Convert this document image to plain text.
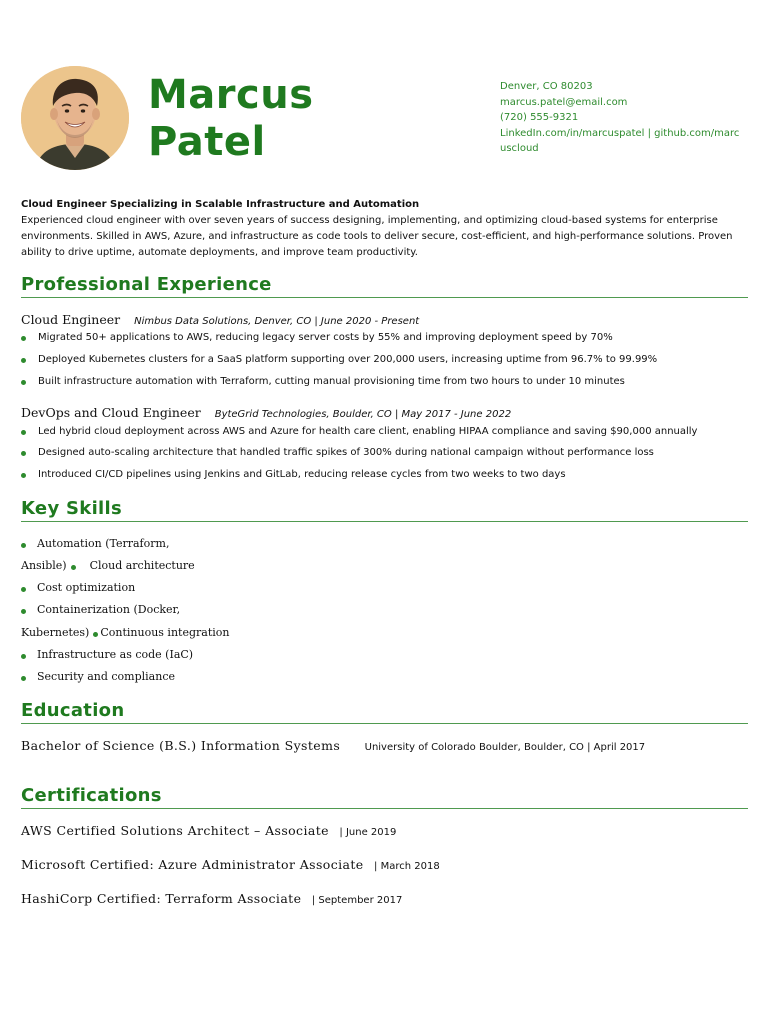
Marcus
Patel
Denver, CO 80203
marcus.patel@email.com
(720) 555-9321
LinkedIn.com/in/marcuspatel | github.com/marcuscloud
Cloud Engineer Specializing in Scalable Infrastructure and Automation
Experienced cloud engineer with over seven years of success designing, implementing, and optimizing cloud-based systems for enterprise environments. Skilled in AWS, Azure, and infrastructure as code tools to deliver secure, cost-efficient, and high-performance solutions. Proven ability to drive uptime, automate deployments, and improve team productivity.
Professional Experience
Cloud Engineer Nimbus Data Solutions, Denver, CO | June 2020 - Present
Migrated 50+ applications to AWS, reducing legacy server costs by 55% and improving deployment speed by 70%
Deployed Kubernetes clusters for a SaaS platform supporting over 200,000 users, increasing uptime from 96.7% to 99.99%
Built infrastructure automation with Terraform, cutting manual provisioning time from two hours to under 10 minutes
DevOps and Cloud Engineer ByteGrid Technologies, Boulder, CO | May 2017 - June 2022
Led hybrid cloud deployment across AWS and Azure for health care client, enabling HIPAA compliance and saving $90,000 annually
Designed auto-scaling architecture that handled traffic spikes of 300% during national campaign without performance loss
Introduced CI/CD pipelines using Jenkins and GitLab, reducing release cycles from two weeks to two days
Key Skills
Automation (Terraform,
Ansible) Cloud architecture
Cost optimization
Containerization (Docker,
Kubernetes) Continuous integration
Infrastructure as code (IaC)
Security and compliance
Education
Bachelor of Science (B.S.) Information Systems University of Colorado Boulder, Boulder, CO | April 2017
Certifications
AWS Certified Solutions Architect – Associate | June 2019
Microsoft Certified: Azure Administrator Associate | March 2018
HashiCorp Certified: Terraform Associate | September 2017
